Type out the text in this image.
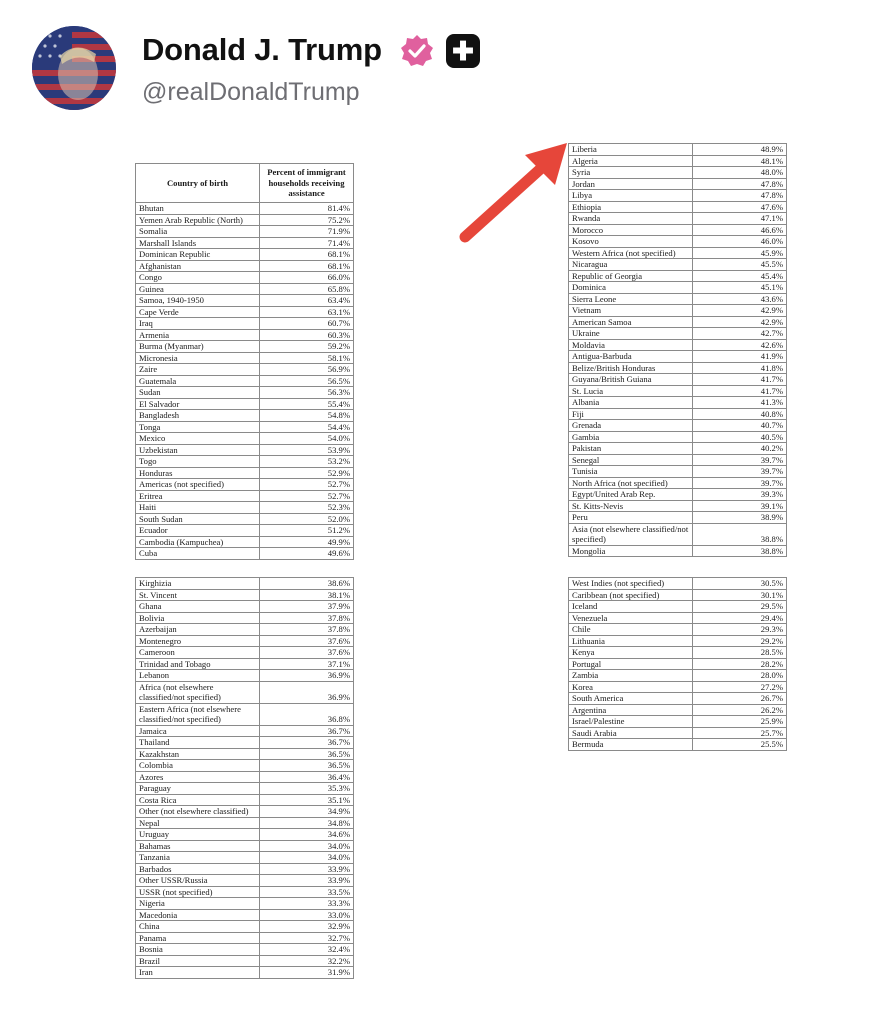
Donald J. Trump	✚
@realDonaldTrump
Country of birth	Percent of immigrant households receiving assistance
Bhutan	81.4%
Yemen Arab Republic (North)	75.2%
Somalia	71.9%
Marshall Islands	71.4%
Dominican Republic	68.1%
Afghanistan	68.1%
Congo	66.0%
Guinea	65.8%
Samoa, 1940-1950	63.4%
Cape Verde	63.1%
Iraq	60.7%
Armenia	60.3%
Burma (Myanmar)	59.2%
Micronesia	58.1%
Zaire	56.9%
Guatemala	56.5%
Sudan	56.3%
El Salvador	55.4%
Bangladesh	54.8%
Tonga	54.4%
Mexico	54.0%
Uzbekistan	53.9%
Togo	53.2%
Honduras	52.9%
Americas (not specified)	52.7%
Eritrea	52.7%
Haiti	52.3%
South Sudan	52.0%
Ecuador	51.2%
Cambodia (Kampuchea)	49.9%
Cuba	49.6%
Kirghizia	38.6%
St. Vincent	38.1%
Ghana	37.9%
Bolivia	37.8%
Azerbaijan	37.8%
Montenegro	37.6%
Cameroon	37.6%
Trinidad and Tobago	37.1%
Lebanon	36.9%
Africa (not elsewhere classified/not specified)	36.9%
Eastern Africa (not elsewhere classified/not specified)	36.8%
Jamaica	36.7%
Thailand	36.7%
Kazakhstan	36.5%
Colombia	36.5%
Azores	36.4%
Paraguay	35.3%
Costa Rica	35.1%
Other (not elsewhere classified)	34.9%
Nepal	34.8%
Uruguay	34.6%
Bahamas	34.0%
Tanzania	34.0%
Barbados	33.9%
Other USSR/Russia	33.9%
USSR (not specified)	33.5%
Nigeria	33.3%
Macedonia	33.0%
China	32.9%
Panama	32.7%
Bosnia	32.4%
Brazil	32.2%
Iran	31.9%
Liberia	48.9%
Algeria	48.1%
Syria	48.0%
Jordan	47.8%
Libya	47.8%
Ethiopia	47.6%
Rwanda	47.1%
Morocco	46.6%
Kosovo	46.0%
Western Africa (not specified)	45.9%
Nicaragua	45.5%
Republic of Georgia	45.4%
Dominica	45.1%
Sierra Leone	43.6%
Vietnam	42.9%
American Samoa	42.9%
Ukraine	42.7%
Moldavia	42.6%
Antigua-Barbuda	41.9%
Belize/British Honduras	41.8%
Guyana/British Guiana	41.7%
St. Lucia	41.7%
Albania	41.3%
Fiji	40.8%
Grenada	40.7%
Gambia	40.5%
Pakistan	40.2%
Senegal	39.7%
Tunisia	39.7%
North Africa (not specified)	39.7%
Egypt/United Arab Rep.	39.3%
St. Kitts-Nevis	39.1%
Peru	38.9%
Asia (not elsewhere classified/not specified)	38.8%
Mongolia	38.8%
West Indies (not specified)	30.5%
Caribbean (not specified)	30.1%
Iceland	29.5%
Venezuela	29.4%
Chile	29.3%
Lithuania	29.2%
Kenya	28.5%
Portugal	28.2%
Zambia	28.0%
Korea	27.2%
South America	26.7%
Argentina	26.2%
Israel/Palestine	25.9%
Saudi Arabia	25.7%
Bermuda	25.5%
